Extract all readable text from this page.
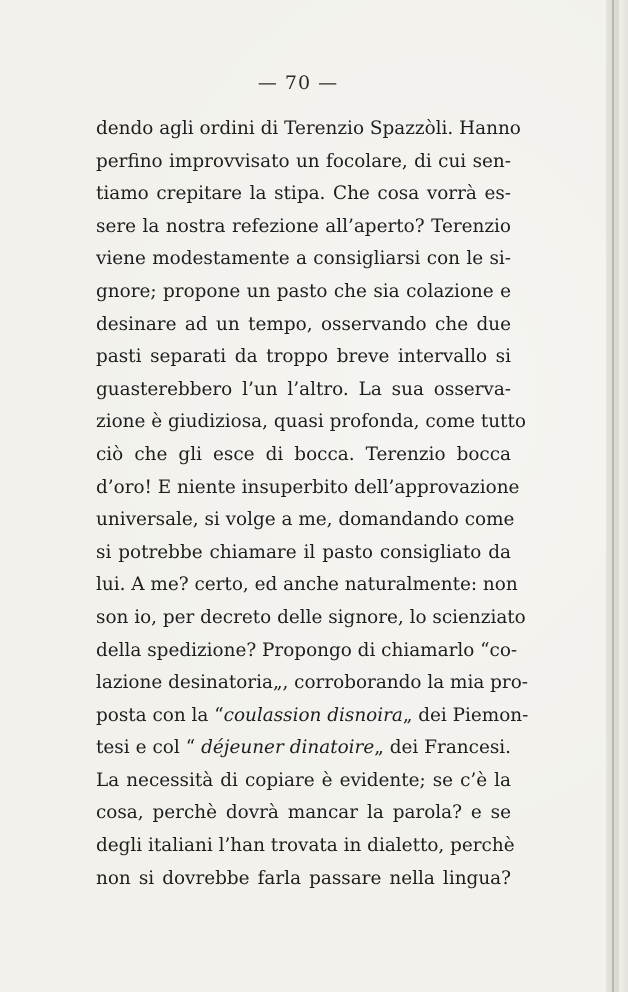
— 70 —
dendo agli ordini di Terenzio Spazzòli. Hanno
perfino improvvisato un focolare, di cui sen-
tiamo crepitare la stipa. Che cosa vorrà es-
sere la nostra refezione all’aperto? Terenzio
viene modestamente a consigliarsi con le si-
gnore; propone un pasto che sia colazione e
desinare ad un tempo, osservando che due
pasti separati da troppo breve intervallo si
guasterebbero l’un l’altro. La sua osserva-
zione è giudiziosa, quasi profonda, come tutto
ciò che gli esce di bocca. Terenzio bocca
d’oro! E niente insuperbito dell’approvazione
universale, si volge a me, domandando come
si potrebbe chiamare il pasto consigliato da
lui. A me? certo, ed anche naturalmente: non
son io, per decreto delle signore, lo scienziato
della spedizione? Propongo di chiamarlo “co-
lazione desinatoria„, corroborando la mia pro-
posta con la “coulassion disnoira„ dei Piemon-
tesi e col “ déjeuner dinatoire„ dei Francesi.
La necessità di copiare è evidente; se c’è la
cosa, perchè dovrà mancar la parola? e se
degli italiani l’han trovata in dialetto, perchè
non si dovrebbe farla passare nella lingua?
